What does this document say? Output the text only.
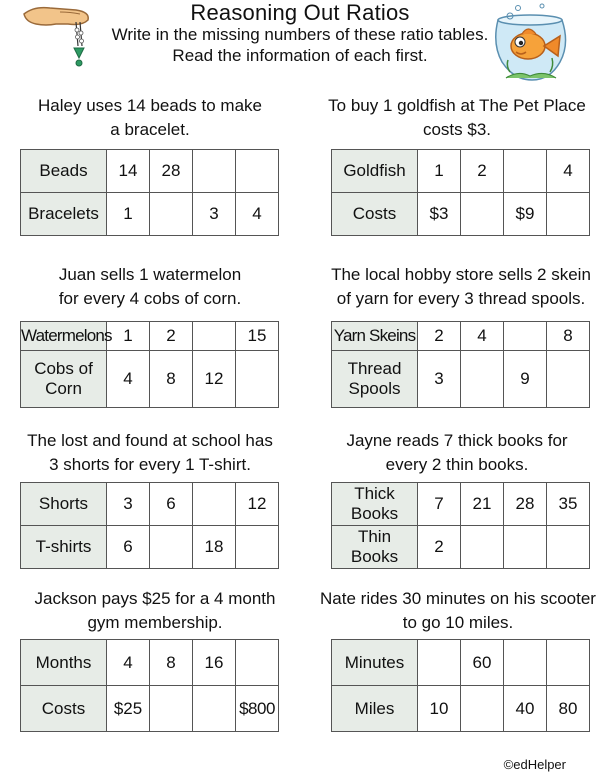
Reasoning Out Ratios
Write in the missing numbers of these ratio tables.
Read the information of each first.
Haley uses 14 beads to make
a bracelet.
Beads	14	28		
Bracelets	1		3	4
To buy 1 goldfish at The Pet Place
costs $3.
Goldfish	1	2		4
Costs	$3		$9	
Juan sells 1 watermelon
for every 4 cobs of corn.
Watermelons	1	2		15

Cobs of
Corn	4	8	12	
The local hobby store sells 2 skein
of yarn for every 3 thread spools.
Yarn Skeins	2	4		8

Thread
Spools	3		9	
The lost and found at school has
3 shorts for every 1 T-shirt.
Shorts	3	6		12
T-shirts	6		18	
Jayne reads 7 thick books for
every 2 thin books.
Thick
Books	7	21	28	35

Thin
Books	2			
Jackson pays $25 for a 4 month
gym membership.
Months	4	8	16	
Costs	$25			$800
Nate rides 30 minutes on his scooter
to go 10 miles.
Minutes		60		
Miles	10		40	80
©edHelper
